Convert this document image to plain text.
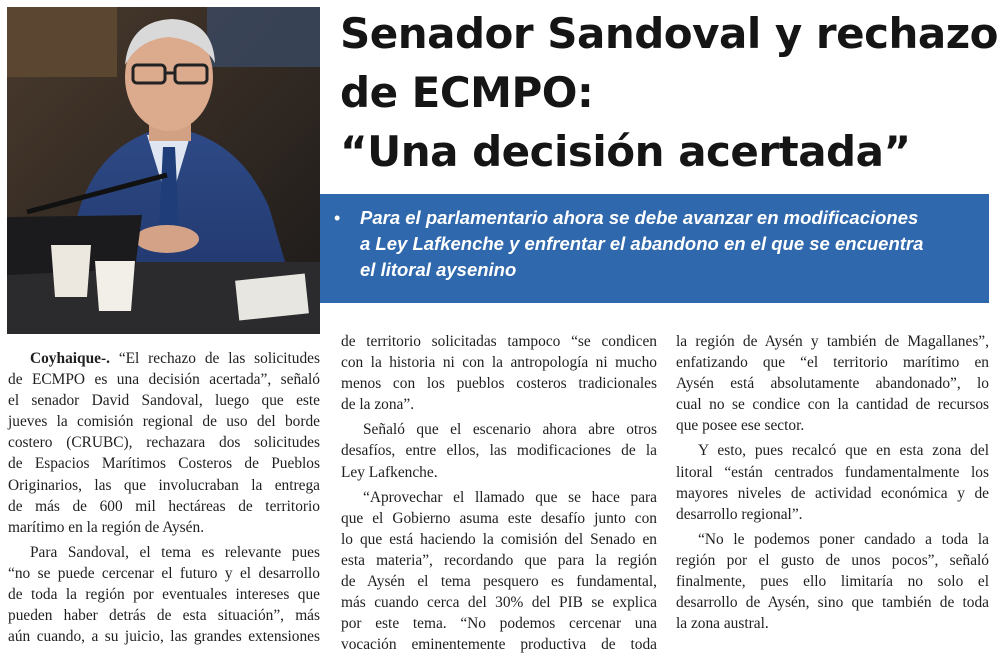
Senador Sandoval y rechazo
de ECMPO:
“Una decisión acertada”
• Para el parlamentario ahora se debe avanzar en modificaciones
a Ley Lafkenche y enfrentar el abandono en el que se encuentra
el litoral aysenino

Coyhaique-. “El rechazo de las solicitudes
de ECMPO es una decisión acertada”, señaló
el senador David Sandoval, luego que este
jueves la comisión regional de uso del borde
costero (CRUBC), rechazara dos solicitudes
de Espacios Marítimos Costeros de Pueblos
Originarios, las que involucraban la entrega
de más de 600 mil hectáreas de territorio
marítimo en la región de Aysén.

Para Sandoval, el tema es relevante pues
“no se puede cercenar el futuro y el desarrollo
de toda la región por eventuales intereses que
pueden haber detrás de esta situación”, más
aún cuando, a su juicio, las grandes extensiones

de territorio solicitadas tampoco “se condicen
con la historia ni con la antropología ni mucho
menos con los pueblos costeros tradicionales
de la zona”.

Señaló que el escenario ahora abre otros
desafíos, entre ellos, las modificaciones de la
Ley Lafkenche.

“Aprovechar el llamado que se hace para
que el Gobierno asuma este desafío junto con
lo que está haciendo la comisión del Senado en
esta materia”, recordando que para la región
de Aysén el tema pesquero es fundamental,
más cuando cerca del 30% del PIB se explica
por este tema. “No podemos cercenar una
vocación eminentemente productiva de toda

la región de Aysén y también de Magallanes”,
enfatizando que “el territorio marítimo en
Aysén está absolutamente abandonado”, lo
cual no se condice con la cantidad de recursos
que posee ese sector.

Y esto, pues recalcó que en esta zona del
litoral “están centrados fundamentalmente los
mayores niveles de actividad económica y de
desarrollo regional”.

“No le podemos poner candado a toda la
región por el gusto de unos pocos”, señaló
finalmente, pues ello limitaría no solo el
desarrollo de Aysén, sino que también de toda
la zona austral.
